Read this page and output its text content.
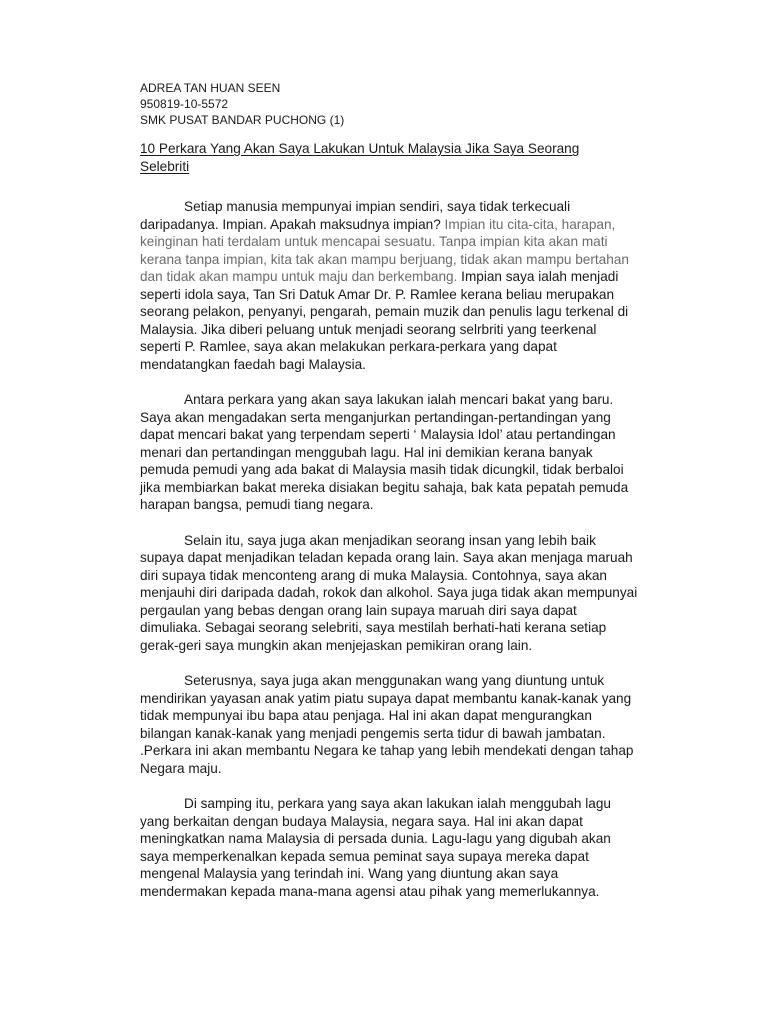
ADREA TAN HUAN SEEN
950819-10-5572
SMK PUSAT BANDAR PUCHONG (1)
10 Perkara Yang Akan Saya Lakukan Untuk Malaysia Jika Saya Seorang Selebriti

Setiap manusia mempunyai impian sendiri, saya tidak terkecuali daripadanya. Impian. Apakah maksudnya impian? Impian itu cita-cita, harapan, keinginan hati terdalam untuk mencapai sesuatu. Tanpa impian kita akan mati kerana tanpa impian, kita tak akan mampu berjuang, tidak akan mampu bertahan dan tidak akan mampu untuk maju dan berkembang. Impian saya ialah menjadi seperti idola saya, Tan Sri Datuk Amar Dr. P. Ramlee kerana beliau merupakan seorang pelakon, penyanyi, pengarah, pemain muzik dan penulis lagu terkenal di Malaysia. Jika diberi peluang untuk menjadi seorang selrbriti yang teerkenal seperti P. Ramlee, saya akan melakukan perkara-perkara yang dapat mendatangkan faedah bagi Malaysia.

Antara perkara yang akan saya lakukan ialah mencari bakat yang baru. Saya akan mengadakan serta menganjurkan pertandingan-pertandingan yang dapat mencari bakat yang terpendam seperti ‘ Malaysia Idol’ atau pertandingan menari dan pertandingan menggubah lagu. Hal ini demikian kerana banyak pemuda pemudi yang ada bakat di Malaysia masih tidak dicungkil, tidak berbaloi jika membiarkan bakat mereka disiakan begitu sahaja, bak kata pepatah pemuda harapan bangsa, pemudi tiang negara.

Selain itu, saya juga akan menjadikan seorang insan yang lebih baik supaya dapat menjadikan teladan kepada orang lain. Saya akan menjaga maruah diri supaya tidak menconteng arang di muka Malaysia. Contohnya, saya akan menjauhi diri daripada dadah, rokok dan alkohol. Saya juga tidak akan mempunyai pergaulan yang bebas dengan orang lain supaya maruah diri saya dapat dimuliaka. Sebagai seorang selebriti, saya mestilah berhati-hati kerana setiap gerak-geri saya mungkin akan menjejaskan pemikiran orang lain.

Seterusnya, saya juga akan menggunakan wang yang diuntung untuk mendirikan yayasan anak yatim piatu supaya dapat membantu kanak-kanak yang tidak mempunyai ibu bapa atau penjaga. Hal ini akan dapat mengurangkan bilangan kanak-kanak yang menjadi pengemis serta tidur di bawah jambatan. .Perkara ini akan membantu Negara ke tahap yang lebih mendekati dengan tahap Negara maju.

Di samping itu, perkara yang saya akan lakukan ialah menggubah lagu yang berkaitan dengan budaya Malaysia, negara saya. Hal ini akan dapat meningkatkan nama Malaysia di persada dunia. Lagu-lagu yang digubah akan saya memperkenalkan kepada semua peminat saya supaya mereka dapat mengenal Malaysia yang terindah ini. Wang yang diuntung akan saya mendermakan kepada mana-mana agensi atau pihak yang memerlukannya.
